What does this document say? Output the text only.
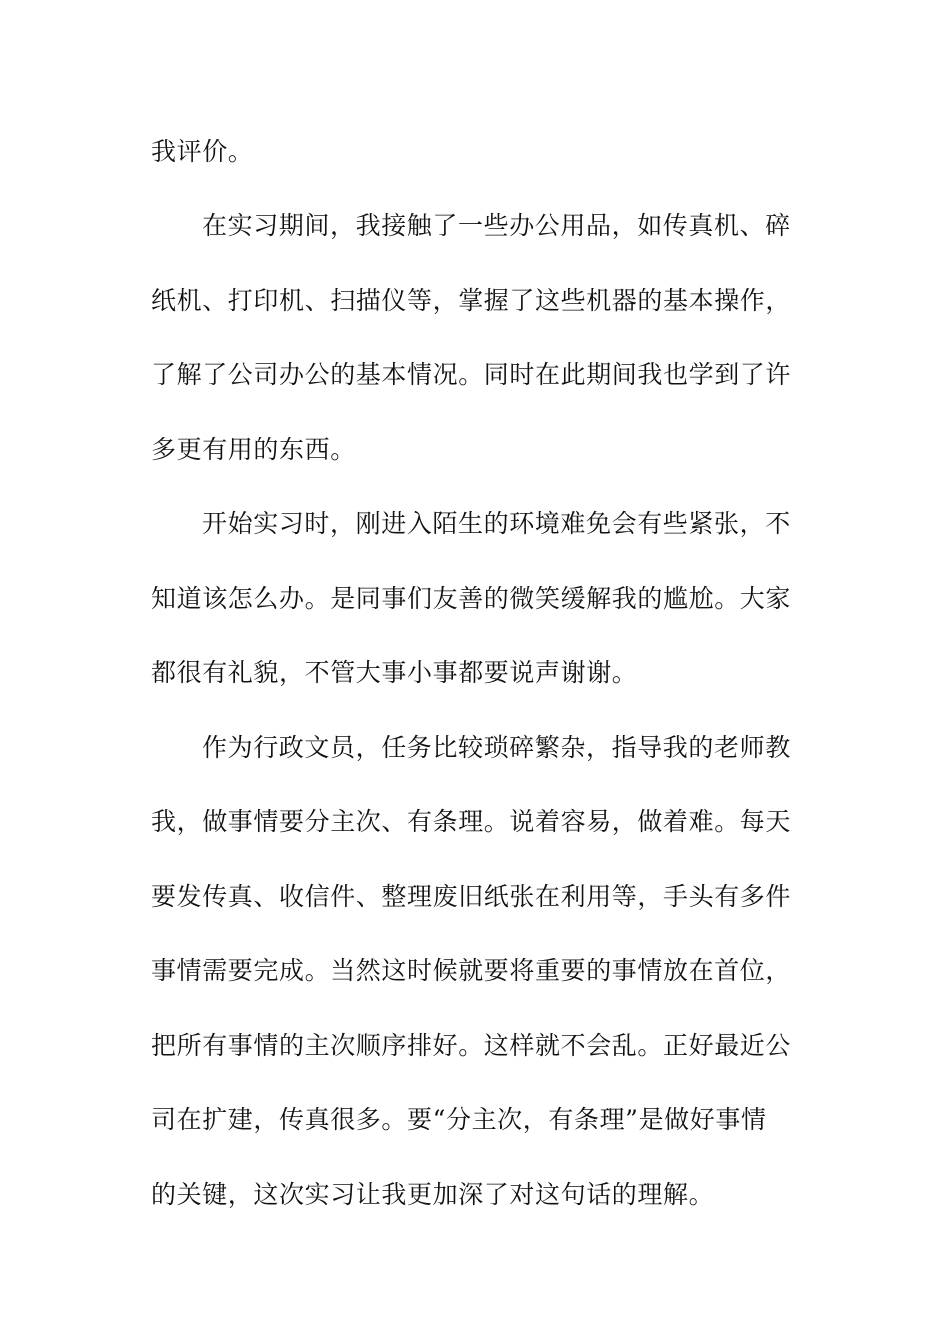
我评价。
在实习期间，我接触了一些办公用品，如传真机、碎
纸机、打印机、扫描仪等，掌握了这些机器的基本操作，
了解了公司办公的基本情况。同时在此期间我也学到了许
多更有用的东西。
开始实习时，刚进入陌生的环境难免会有些紧张，不
知道该怎么办。是同事们友善的微笑缓解我的尴尬。大家
都很有礼貌，不管大事小事都要说声谢谢。
作为行政文员，任务比较琐碎繁杂，指导我的老师教
我，做事情要分主次、有条理。说着容易，做着难。每天
要发传真、收信件、整理废旧纸张在利用等，手头有多件
事情需要完成。当然这时候就要将重要的事情放在首位，
把所有事情的主次顺序排好。这样就不会乱。正好最近公
司在扩建，传真很多。要“分主次，有条理”是做好事情
的关键，这次实习让我更加深了对这句话的理解。
